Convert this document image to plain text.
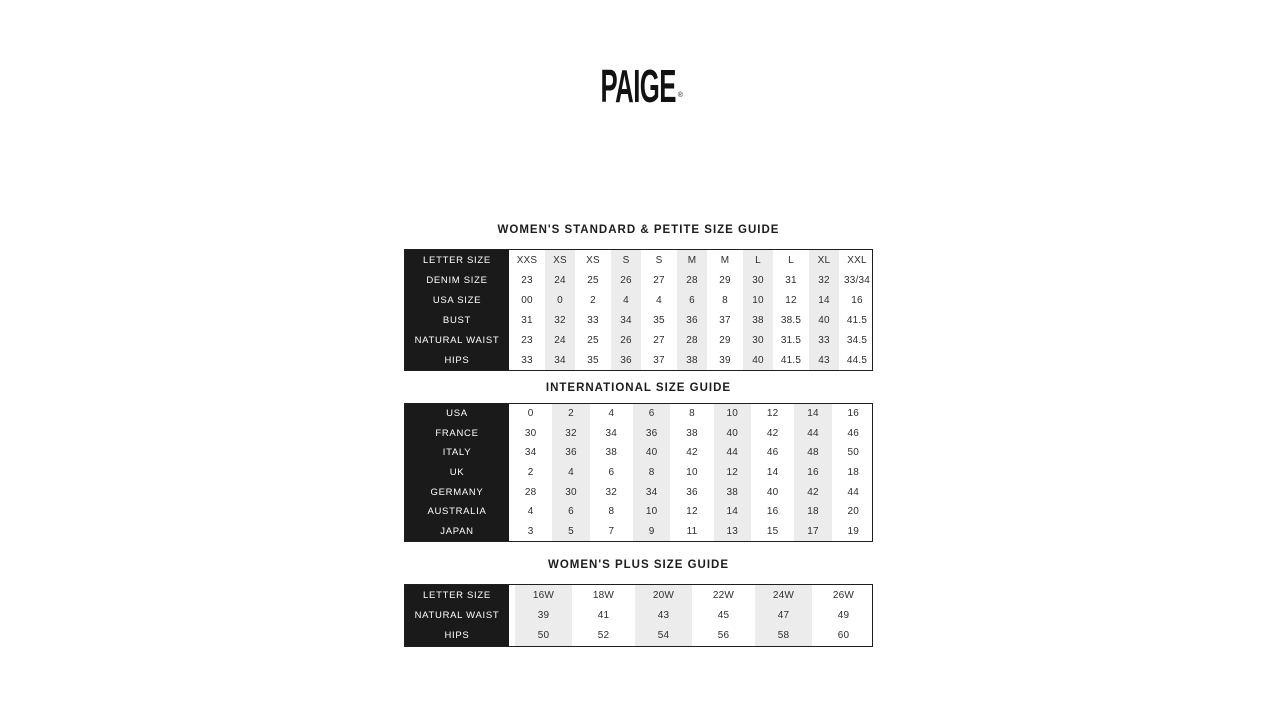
PAIGE ®
WOMEN'S STANDARD & PETITE SIZE GUIDE
LETTER SIZE
DENIM SIZE
USA SIZE
BUST
NATURAL WAIST
HIPS
XXS
23
00
31
23
33
XS
24
0
32
24
34
XS
25
2
33
25
35
S
26
4
34
26
36
S
27
4
35
27
37
M
28
6
36
28
38
M
29
8
37
29
39
L
30
10
38
30
40
L
31
12
38.5
31.5
41.5
XL
32
14
40
33
43
XXL
33/34
16
41.5
34.5
44.5
INTERNATIONAL SIZE GUIDE
USA
FRANCE
ITALY
UK
GERMANY
AUSTRALIA
JAPAN
0
30
34
2
28
4
3
2
32
36
4
30
6
5
4
34
38
6
32
8
7
6
36
40
8
34
10
9
8
38
42
10
36
12
11
10
40
44
12
38
14
13
12
42
46
14
40
16
15
14
44
48
16
42
18
17
16
46
50
18
44
20
19
WOMEN'S PLUS SIZE GUIDE
LETTER SIZE
NATURAL WAIST
HIPS
16W
39
50
18W
41
52
20W
43
54
22W
45
56
24W
47
58
26W
49
60
